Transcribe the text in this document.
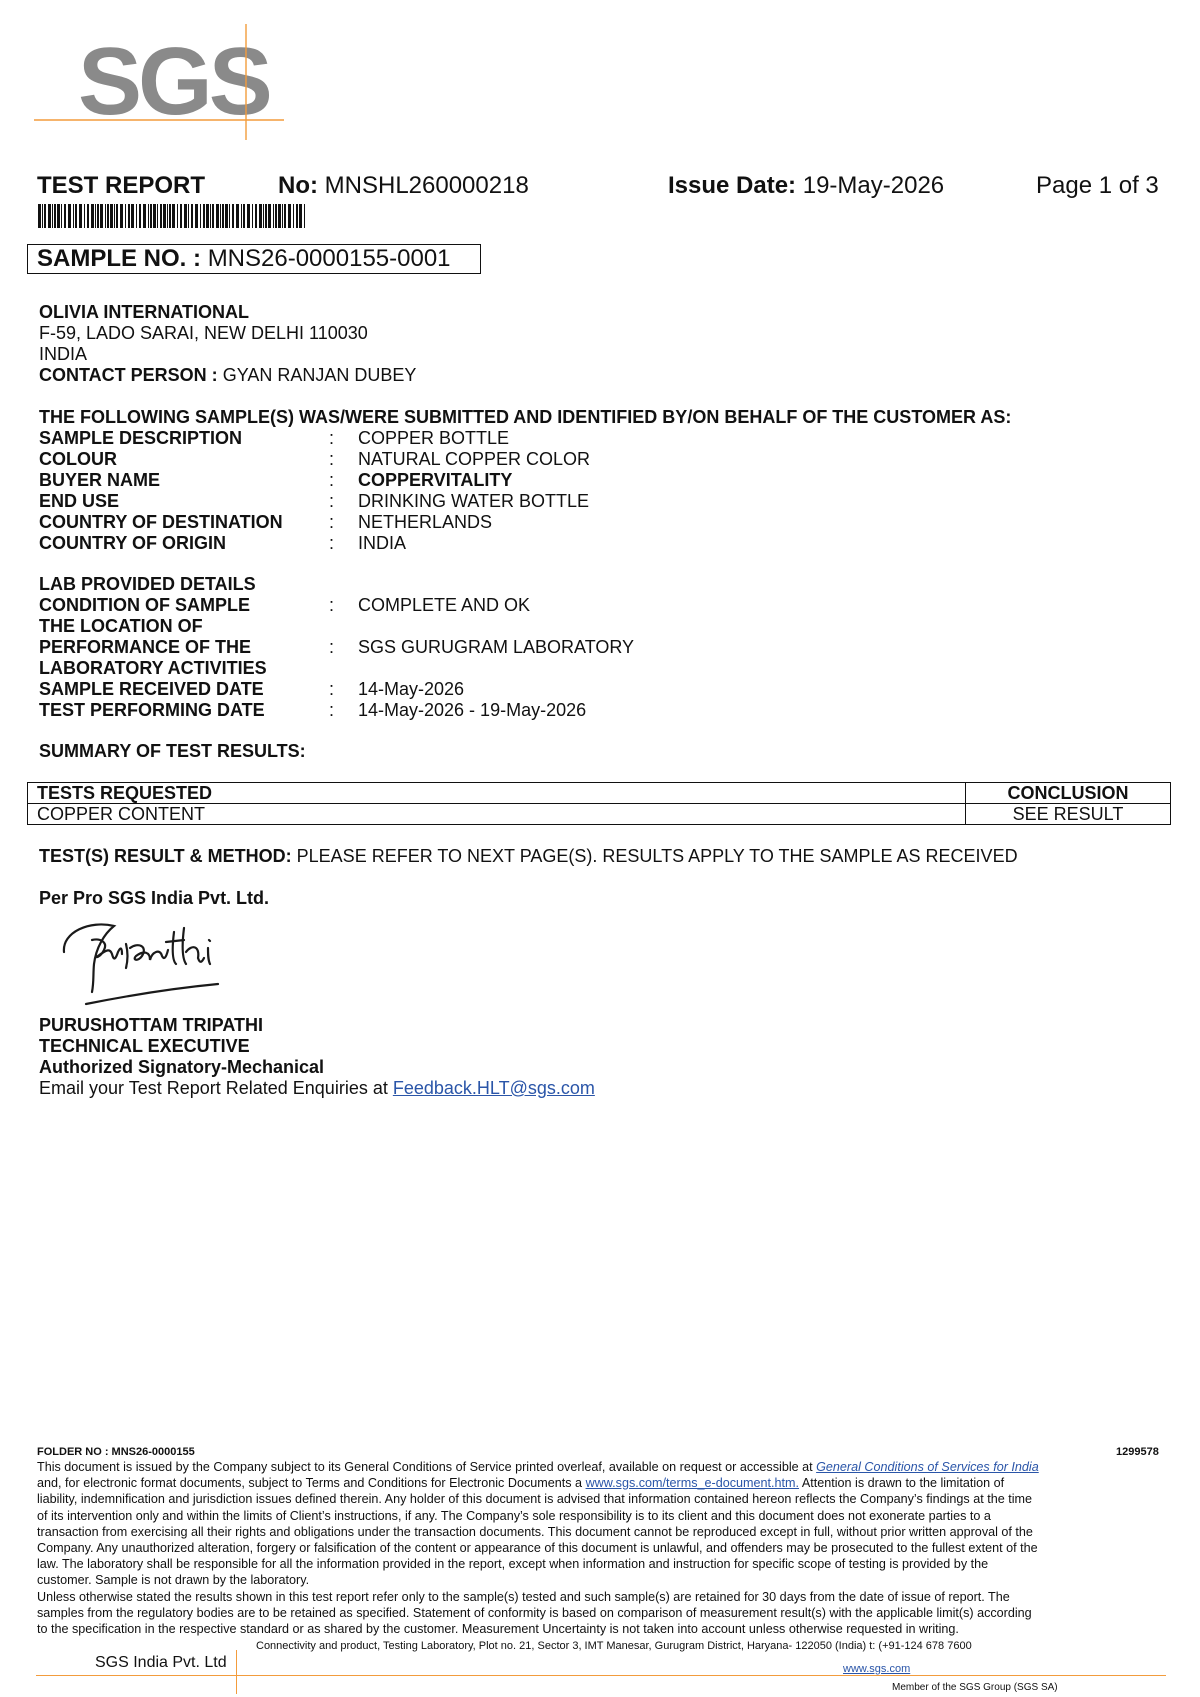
SGS
TEST REPORT	No: MNSHL260000218	Issue Date: 19-May-2026	Page 1 of 3
SAMPLE NO. : MNS26-0000155-0001
OLIVIA INTERNATIONAL
F-59, LADO SARAI, NEW DELHI 110030
INDIA
CONTACT PERSON : GYAN RANJAN DUBEY
THE FOLLOWING SAMPLE(S) WAS/WERE SUBMITTED AND IDENTIFIED BY/ON BEHALF OF THE CUSTOMER AS:
SAMPLE DESCRIPTION	: COPPER BOTTLE
COLOUR	: NATURAL COPPER COLOR
BUYER NAME	: COPPERVITALITY
END USE	: DRINKING WATER BOTTLE
COUNTRY OF DESTINATION	: NETHERLANDS
COUNTRY OF ORIGIN	: INDIA
LAB PROVIDED DETAILS
CONDITION OF SAMPLE	: COMPLETE AND OK
THE LOCATION OF
PERFORMANCE OF THE	: SGS GURUGRAM LABORATORY
LABORATORY ACTIVITIES
SAMPLE RECEIVED DATE	: 14-May-2026
TEST PERFORMING DATE	: 14-May-2026 - 19-May-2026
SUMMARY OF TEST RESULTS:
TESTS REQUESTED	CONCLUSION
COPPER CONTENT	SEE RESULT
TEST(S) RESULT & METHOD: PLEASE REFER TO NEXT PAGE(S). RESULTS APPLY TO THE SAMPLE AS RECEIVED
Per Pro SGS India Pvt. Ltd.
PURUSHOTTAM TRIPATHI
TECHNICAL EXECUTIVE
Authorized Signatory-Mechanical
Email your Test Report Related Enquiries at Feedback.HLT@sgs.com
FOLDER NO : MNS26-0000155	1299578
This document is issued by the Company subject to its General Conditions of Service printed overleaf, available on request or accessible at General Conditions of Services for India
and, for electronic format documents, subject to Terms and Conditions for Electronic Documents a www.sgs.com/terms_e-document.htm. Attention is drawn to the limitation of
liability, indemnification and jurisdiction issues defined therein. Any holder of this document is advised that information contained hereon reflects the Company’s findings at the time
of its intervention only and within the limits of Client’s instructions, if any. The Company’s sole responsibility is to its client and this document does not exonerate parties to a
transaction from exercising all their rights and obligations under the transaction documents. This document cannot be reproduced except in full, without prior written approval of the
Company. Any unauthorized alteration, forgery or falsification of the content or appearance of this document is unlawful, and offenders may be prosecuted to the fullest extent of the
law. The laboratory shall be responsible for all the information provided in the report, except when information and instruction for specific scope of testing is provided by the
customer. Sample is not drawn by the laboratory.
Unless otherwise stated the results shown in this test report refer only to the sample(s) tested and such sample(s) are retained for 30 days from the date of issue of report. The
samples from the regulatory bodies are to be retained as specified. Statement of conformity is based on comparison of measurement result(s) with the applicable limit(s) according
to the specification in the respective standard or as shared by the customer. Measurement Uncertainty is not taken into account unless otherwise requested in writing.
Connectivity and product, Testing Laboratory, Plot no. 21, Sector 3, IMT Manesar, Gurugram District, Haryana- 122050 (India) t: (+91-124 678 7600
SGS India Pvt. Ltd	www.sgs.com
Member of the SGS Group (SGS SA)
